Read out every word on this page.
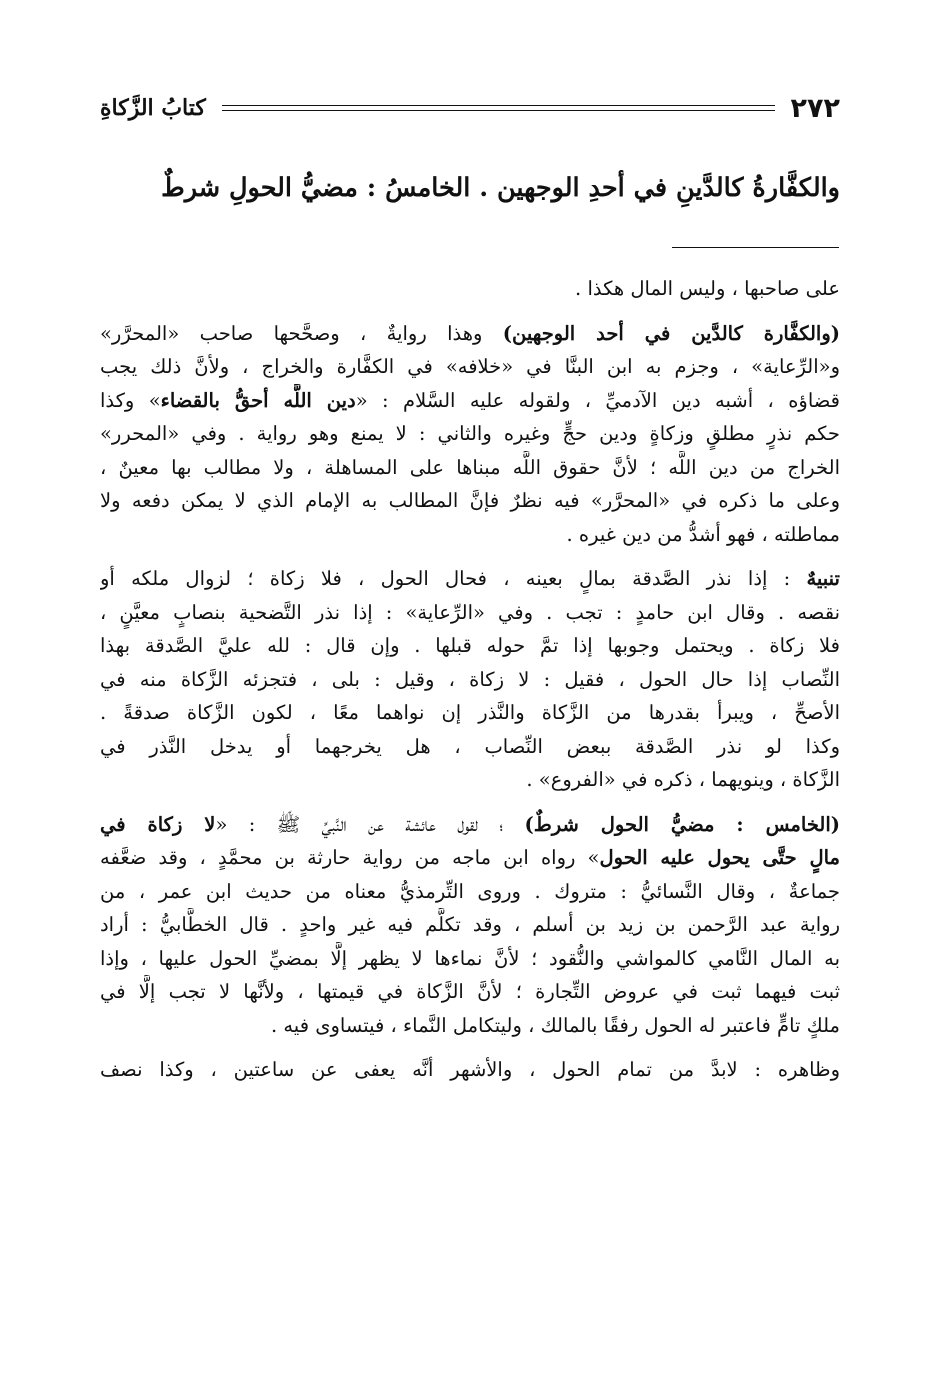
٢٧٢
كتابُ الزَّكاةِ
والكفَّارةُ كالدَّينِ في أحدِ الوجهين . الخامسُ : مضيُّ الحولِ شرطٌ
على صاحبها ، وليس المال هكذا .
(والكفَّارة كالدَّين في أحد الوجهين) وهذا روايةٌ ، وصحَّحها صاحب «المحرَّر»
و«الرِّعاية» ، وجزم به ابن البنَّا في «خلافه» في الكفَّارة والخراج ، ولأنَّ ذلك يجب
قضاؤه ، أشبه دين الآدميِّ ، ولقوله عليه السَّلام : «دين اللَّه أحقُّ بالقضاء» وكذا
حكم نذرٍ مطلقٍ وزكاةٍ ودين حجٍّ وغيره والثاني : لا يمنع وهو رواية . وفي «المحرر»
الخراج من دين اللَّه ؛ لأنَّ حقوق اللَّه مبناها على المساهلة ، ولا مطالب بها معينٌ ،
وعلى ما ذكره في «المحرَّر» فيه نظرٌ فإنَّ المطالب به الإمام الذي لا يمكن دفعه ولا
مماطلته ، فهو أشدُّ من دين غيره .
تنبيهٌ : إذا نذر الصَّدقة بمالٍ بعينه ، فحال الحول ، فلا زكاة ؛ لزوال ملكه أو
نقصه . وقال ابن حامدٍ : تجب . وفي «الرِّعاية» : إذا نذر التَّضحية بنصابٍ معيَّنٍ ،
فلا زكاة . ويحتمل وجوبها إذا تمَّ حوله قبلها . وإن قال : لله عليَّ الصَّدقة بهذا
النِّصاب إذا حال الحول ، فقيل : لا زكاة ، وقيل : بلى ، فتجزئه الزَّكاة منه في
الأصحِّ ، ويبرأ بقدرها من الزَّكاة والنَّذر إن نواهما معًا ، لكون الزَّكاة صدقةً .
وكذا لو نذر الصَّدقة ببعض النِّصاب ، هل يخرجهما أو يدخل النَّذر في
الزَّكاة ، وينويهما ، ذكره في «الفروع» .
(الخامس : مضيُّ الحول شرطٌ) ؛ لقول عائشة عن النَّبيِّ ﷺ : «لا زكاة في
مالٍ حتَّى يحول عليه الحول» رواه ابن ماجه من رواية حارثة بن محمَّدٍ ، وقد ضعَّفه
جماعةٌ ، وقال النَّسائيُّ : متروك . وروى التِّرمذيُّ معناه من حديث ابن عمر ، من
رواية عبد الرَّحمن بن زيد بن أسلم ، وقد تكلَّم فيه غير واحدٍ . قال الخطَّابيُّ : أراد
به المال النَّامي كالمواشي والنُّقود ؛ لأنَّ نماءها لا يظهر إلَّا بمضيِّ الحول عليها ، وإذا
ثبت فيهما ثبت في عروض التِّجارة ؛ لأنَّ الزَّكاة في قيمتها ، ولأنَّها لا تجب إلَّا في
ملكٍ تامٍّ فاعتبر له الحول رفقًا بالمالك ، وليتكامل النَّماء ، فيتساوى فيه .
وظاهره : لابدَّ من تمام الحول ، والأشهر أنَّه يعفى عن ساعتين ، وكذا نصف
